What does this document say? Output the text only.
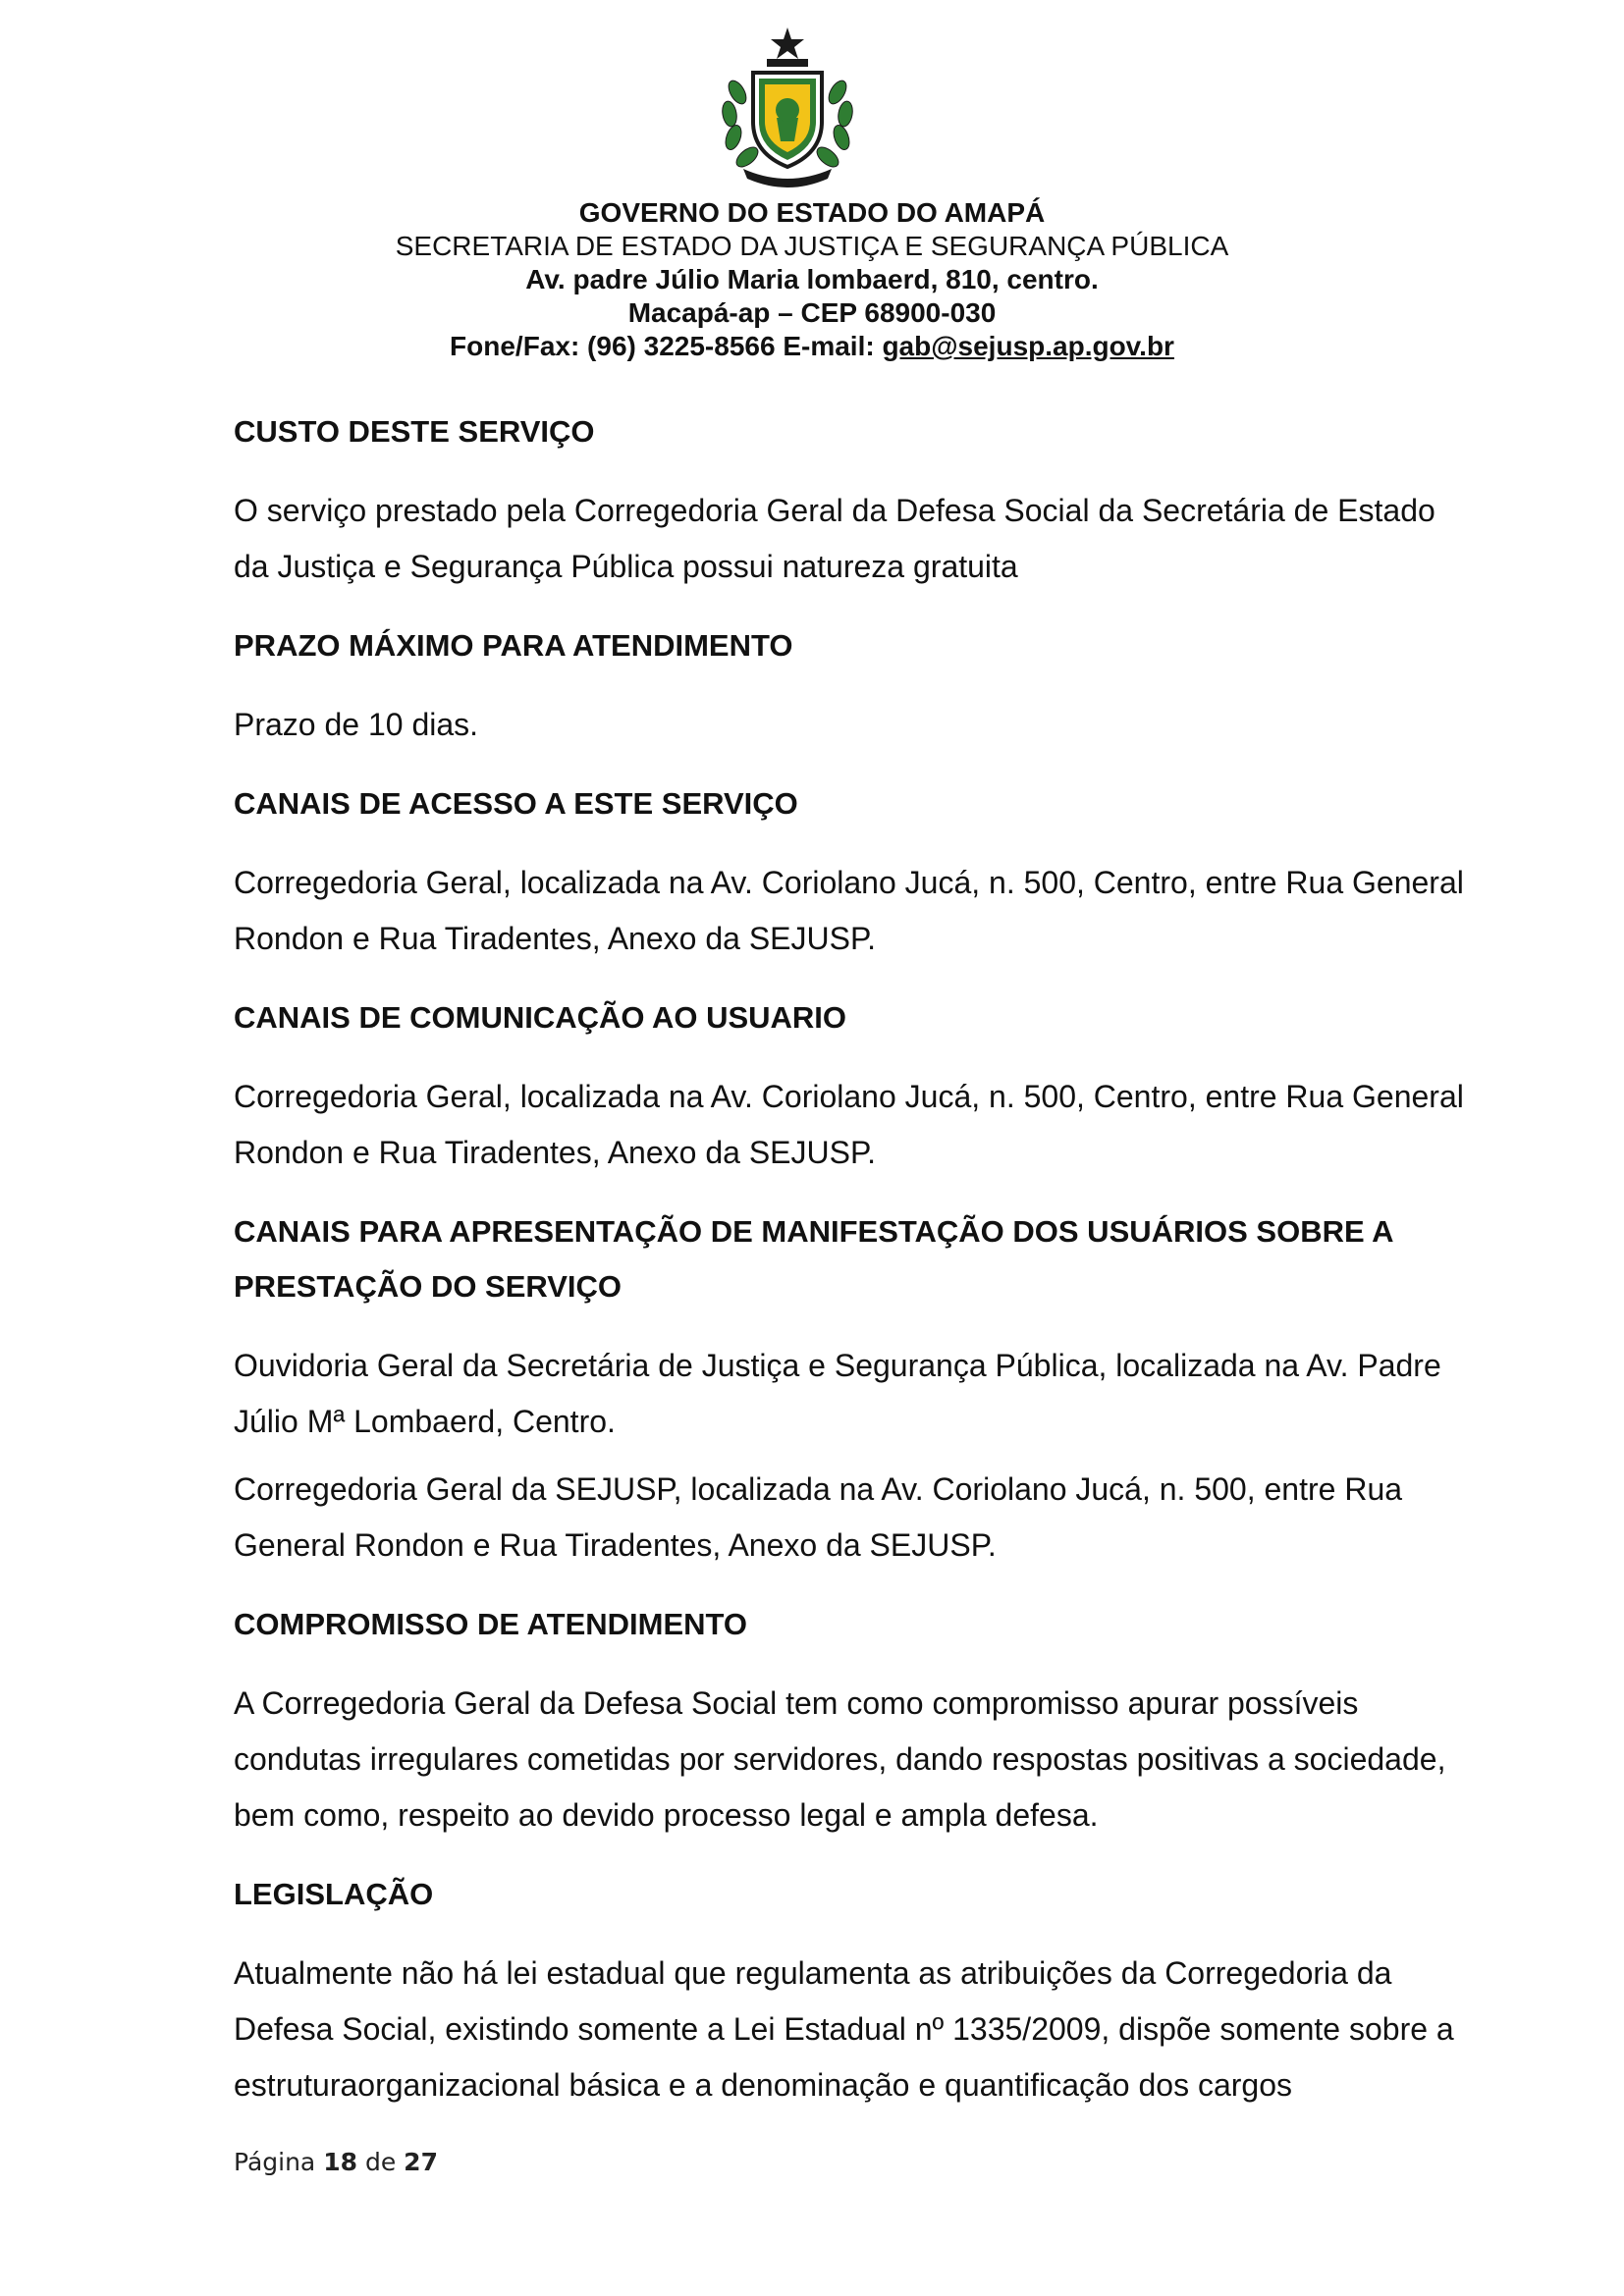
GOVERNO DO ESTADO DO AMAPÁ
SECRETARIA DE ESTADO DA JUSTIÇA E SEGURANÇA PÚBLICA
Av. padre Júlio Maria lombaerd, 810, centro.
Macapá-ap – CEP 68900-030
Fone/Fax: (96) 3225-8566 E-mail: gab@sejusp.ap.gov.br
CUSTO DESTE SERVIÇO
O serviço prestado pela Corregedoria Geral da Defesa Social da Secretária de Estado da Justiça e Segurança Pública possui natureza gratuita
PRAZO MÁXIMO PARA ATENDIMENTO
Prazo de 10 dias.
CANAIS DE ACESSO A ESTE SERVIÇO
Corregedoria Geral, localizada na Av. Coriolano Jucá, n. 500, Centro, entre Rua General Rondon e Rua Tiradentes, Anexo da SEJUSP.
CANAIS DE COMUNICAÇÃO AO USUARIO
Corregedoria Geral, localizada na Av. Coriolano Jucá, n. 500, Centro, entre Rua General Rondon e Rua Tiradentes, Anexo da SEJUSP.
CANAIS PARA APRESENTAÇÃO DE MANIFESTAÇÃO DOS USUÁRIOS SOBRE A PRESTAÇÃO DO SERVIÇO
Ouvidoria Geral da Secretária de Justiça e Segurança Pública, localizada na Av. Padre Júlio Mª Lombaerd, Centro.
Corregedoria Geral da SEJUSP, localizada na Av. Coriolano Jucá, n. 500, entre Rua General Rondon e Rua Tiradentes, Anexo da SEJUSP.
COMPROMISSO DE ATENDIMENTO
A Corregedoria Geral da Defesa Social tem como compromisso apurar possíveis condutas irregulares cometidas por servidores, dando respostas positivas a sociedade, bem como, respeito ao devido processo legal e ampla defesa.
LEGISLAÇÃO
Atualmente não há lei estadual que regulamenta as atribuições da Corregedoria da Defesa Social, existindo somente a Lei Estadual nº 1335/2009, dispõe somente sobre a estruturaorganizacional básica e a denominação e quantificação dos cargos
Página 18 de 27
